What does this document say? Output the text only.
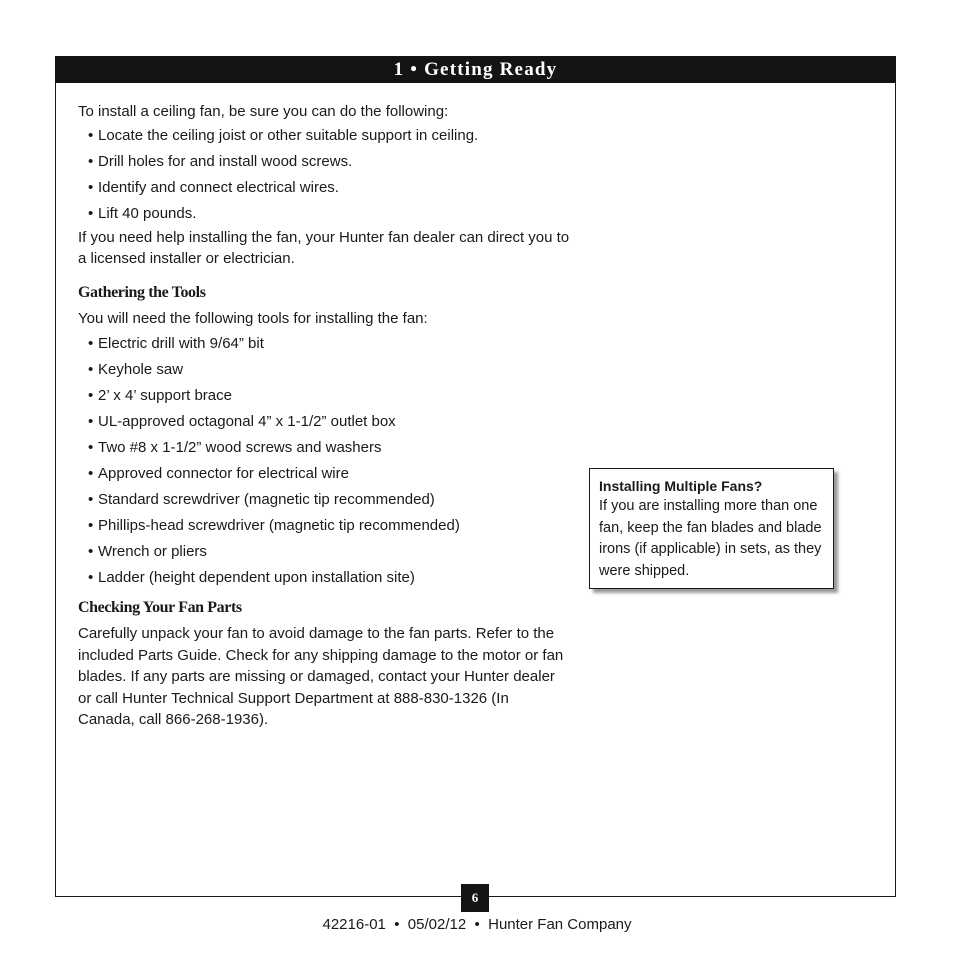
1 • Getting Ready

To install a ceiling fan, be sure you can do the following:

• Locate the ceiling joist or other suitable support in ceiling.
• Drill holes for and install wood screws.
• Identify and connect electrical wires.
• Lift 40 pounds.

If you need help installing the fan, your Hunter fan dealer can direct you to a licensed installer or electrician.

Gathering the Tools

You will need the following tools for installing the fan:

• Electric drill with 9/64” bit
• Keyhole saw
• 2’ x 4’ support brace
• UL-approved octagonal 4” x 1-1/2” outlet box
• Two #8 x 1-1/2” wood screws and washers
• Approved connector for electrical wire
• Standard screwdriver (magnetic tip recommended)
• Phillips-head screwdriver (magnetic tip recommended)
• Wrench or pliers
• Ladder (height dependent upon installation site)
Checking Your Fan Parts

Carefully unpack your fan to avoid damage to the fan parts. Refer to the included Parts Guide. Check for any shipping damage to the motor or fan blades. If any parts are missing or damaged, contact your Hunter dealer or call Hunter Technical Support Department at 888-830-1326 (In Canada, call 866-268-1936).

Installing Multiple Fans?
If you are installing more than one fan, keep the fan blades and blade irons (if applicable) in sets, as they were shipped.
6
42216-01  •  05/02/12  •  Hunter Fan Company
